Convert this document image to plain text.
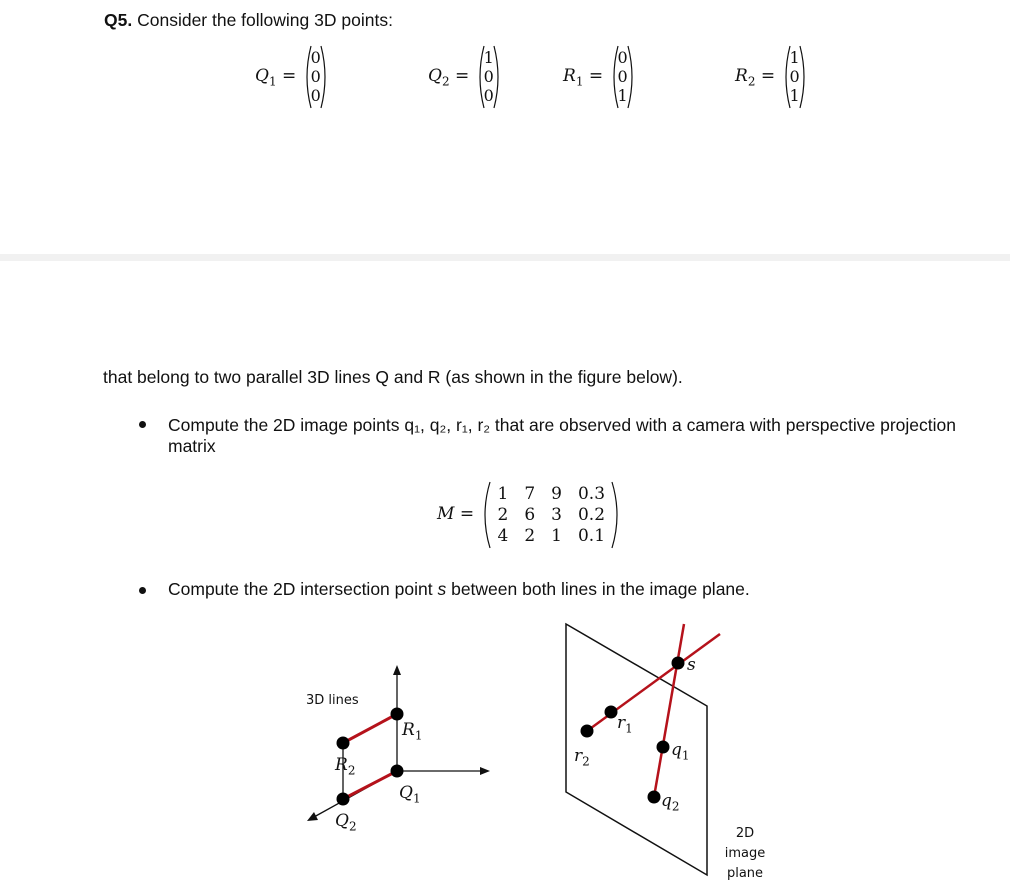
Q5. Consider the following 3D points:
$Q_1$ =
0
0
0
$Q_2$ =
1
0
0
$R_1$ =
0
0
1
$R_2$ =
1
0
1
that belong to two parallel 3D lines Q and R (as shown in the figure below).
Compute the 2D image points q₁, q₂, r₁, r₂ that are observed with a camera with perspective projection matrix
M =
1	7	9	0.3
2	6	3	0.2
4	2	1	0.1
Compute the 2D intersection point s between both lines in the image plane.
3D lines
$R_1$
$R_2$
$Q_1$
$Q_2$
s
$r_1$
$r_2$
$q_1$
$q_2$
2D image
plane
